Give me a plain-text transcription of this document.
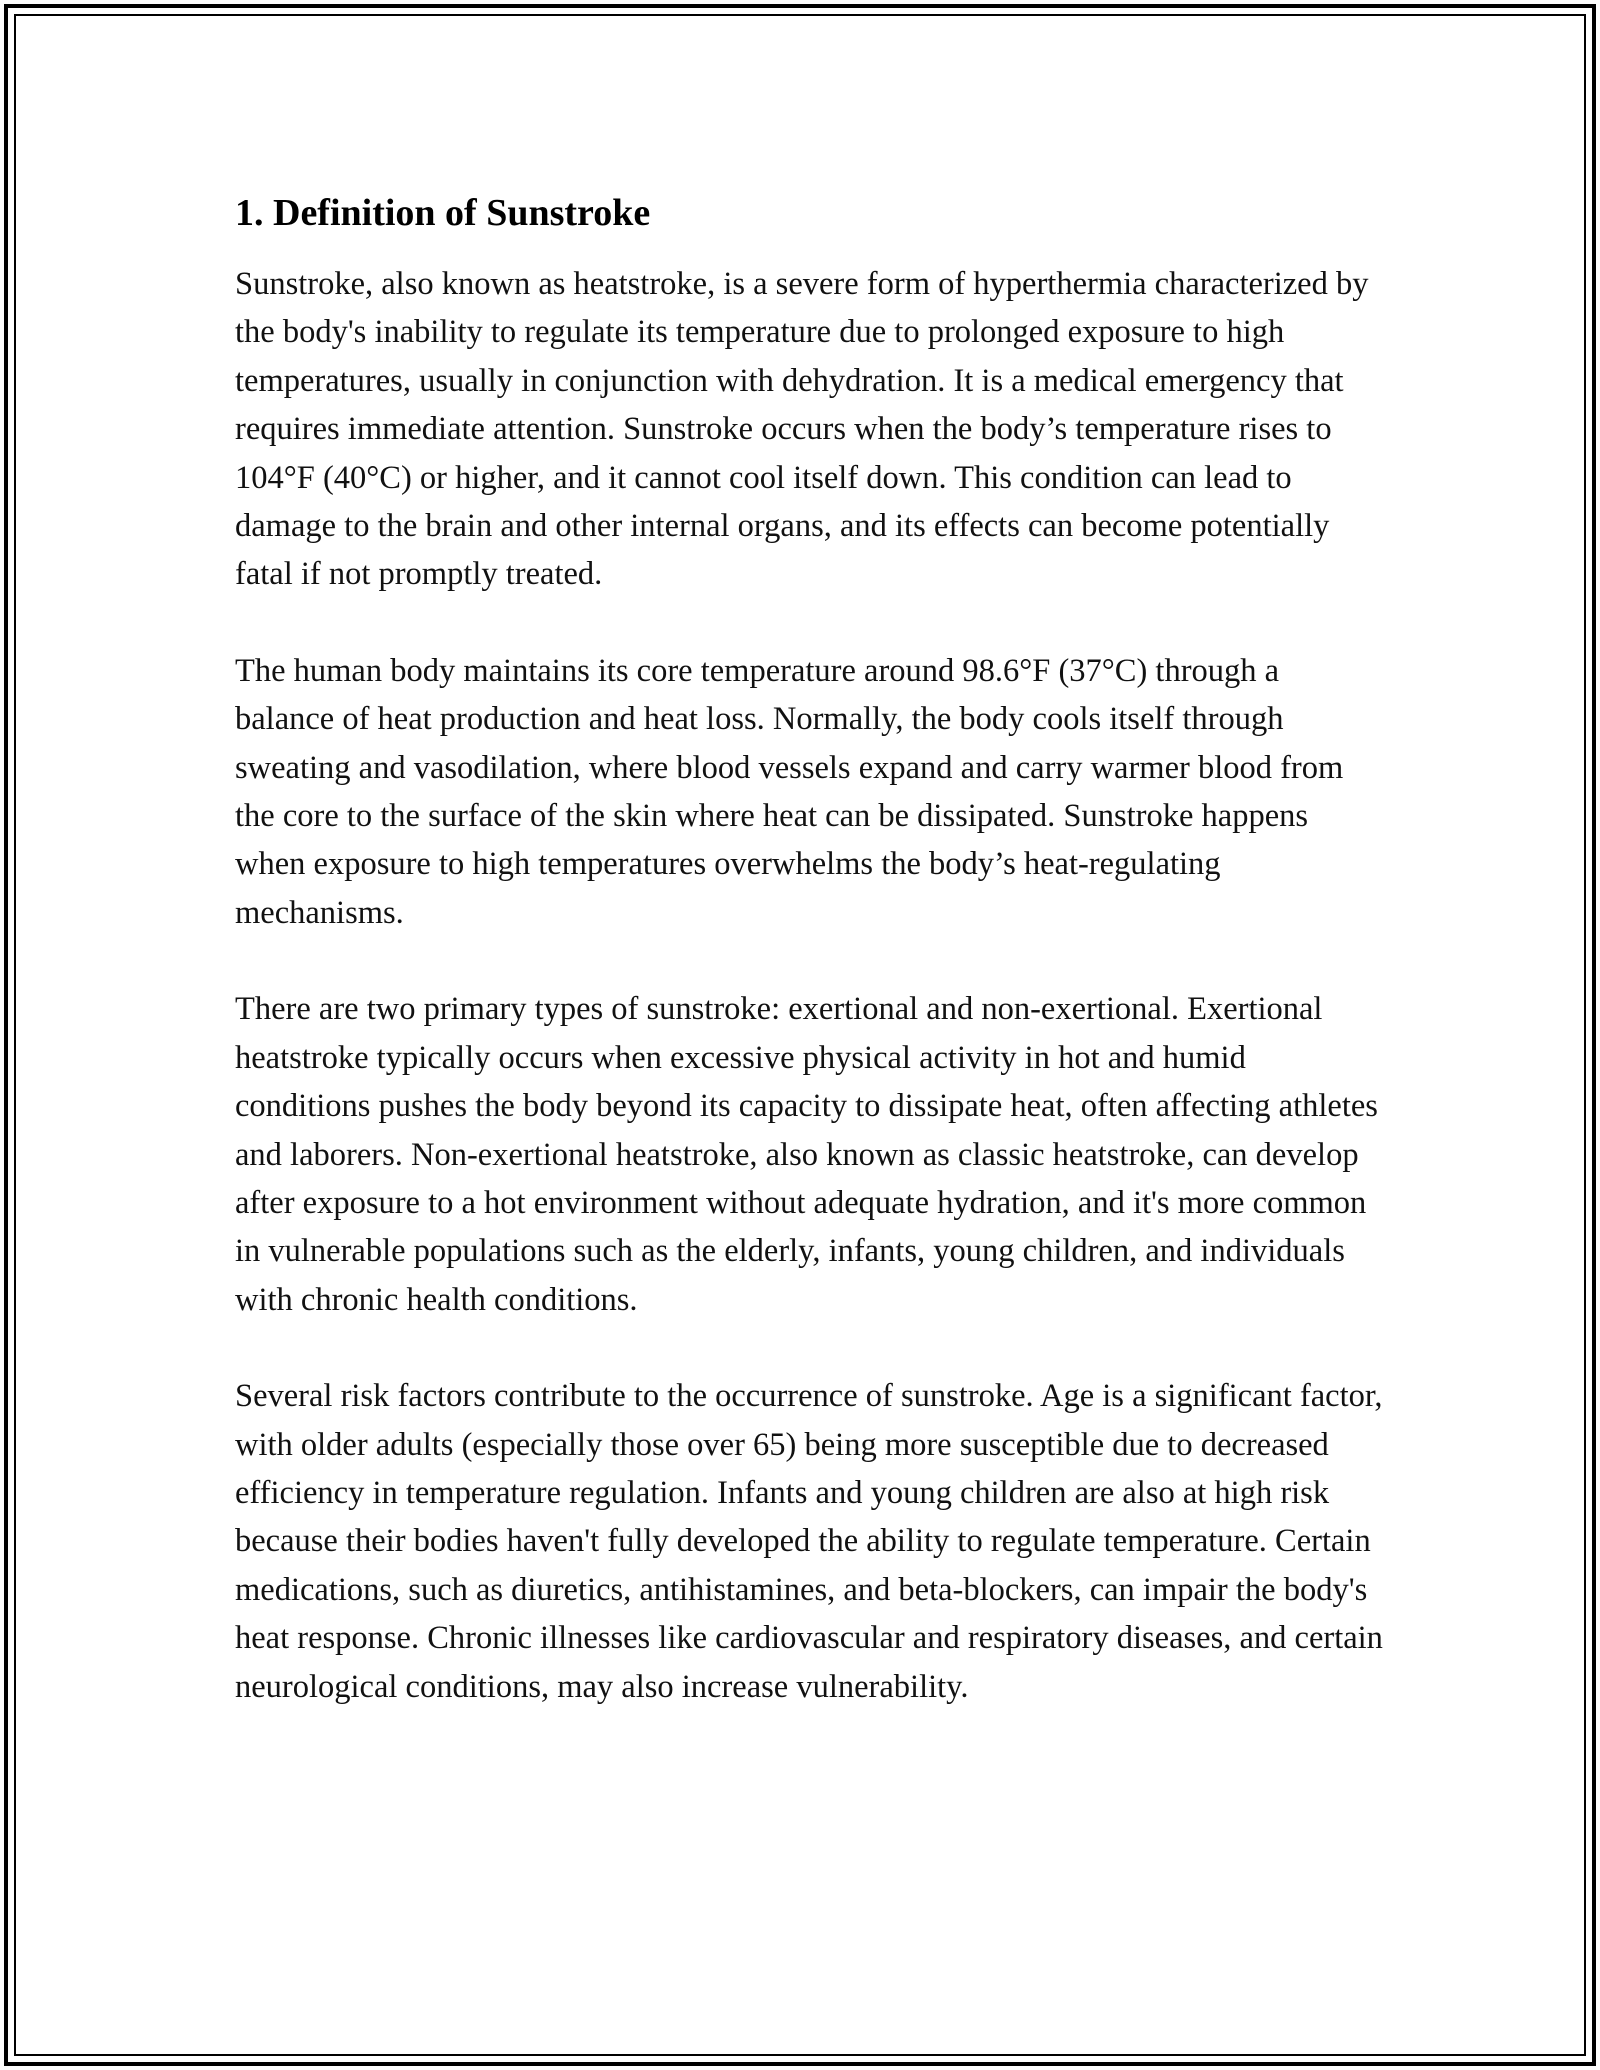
1. Definition of Sunstroke

Sunstroke, also known as heatstroke, is a severe form of hyperthermia characterized by the body's inability to regulate its temperature due to prolonged exposure to high temperatures, usually in conjunction with dehydration. It is a medical emergency that requires immediate attention. Sunstroke occurs when the body’s temperature rises to 104°F (40°C) or higher, and it cannot cool itself down. This condition can lead to damage to the brain and other internal organs, and its effects can become potentially fatal if not promptly treated.

The human body maintains its core temperature around 98.6°F (37°C) through a balance of heat production and heat loss. Normally, the body cools itself through sweating and vasodilation, where blood vessels expand and carry warmer blood from the core to the surface of the skin where heat can be dissipated. Sunstroke happens when exposure to high temperatures overwhelms the body’s heat-regulating mechanisms.

There are two primary types of sunstroke: exertional and non-exertional. Exertional heatstroke typically occurs when excessive physical activity in hot and humid conditions pushes the body beyond its capacity to dissipate heat, often affecting athletes and laborers. Non-exertional heatstroke, also known as classic heatstroke, can develop after exposure to a hot environment without adequate hydration, and it's more common in vulnerable populations such as the elderly, infants, young children, and individuals with chronic health conditions.

Several risk factors contribute to the occurrence of sunstroke. Age is a significant factor, with older adults (especially those over 65) being more susceptible due to decreased efficiency in temperature regulation. Infants and young children are also at high risk because their bodies haven't fully developed the ability to regulate temperature. Certain medications, such as diuretics, antihistamines, and beta-blockers, can impair the body's heat response. Chronic illnesses like cardiovascular and respiratory diseases, and certain neurological conditions, may also increase vulnerability.
